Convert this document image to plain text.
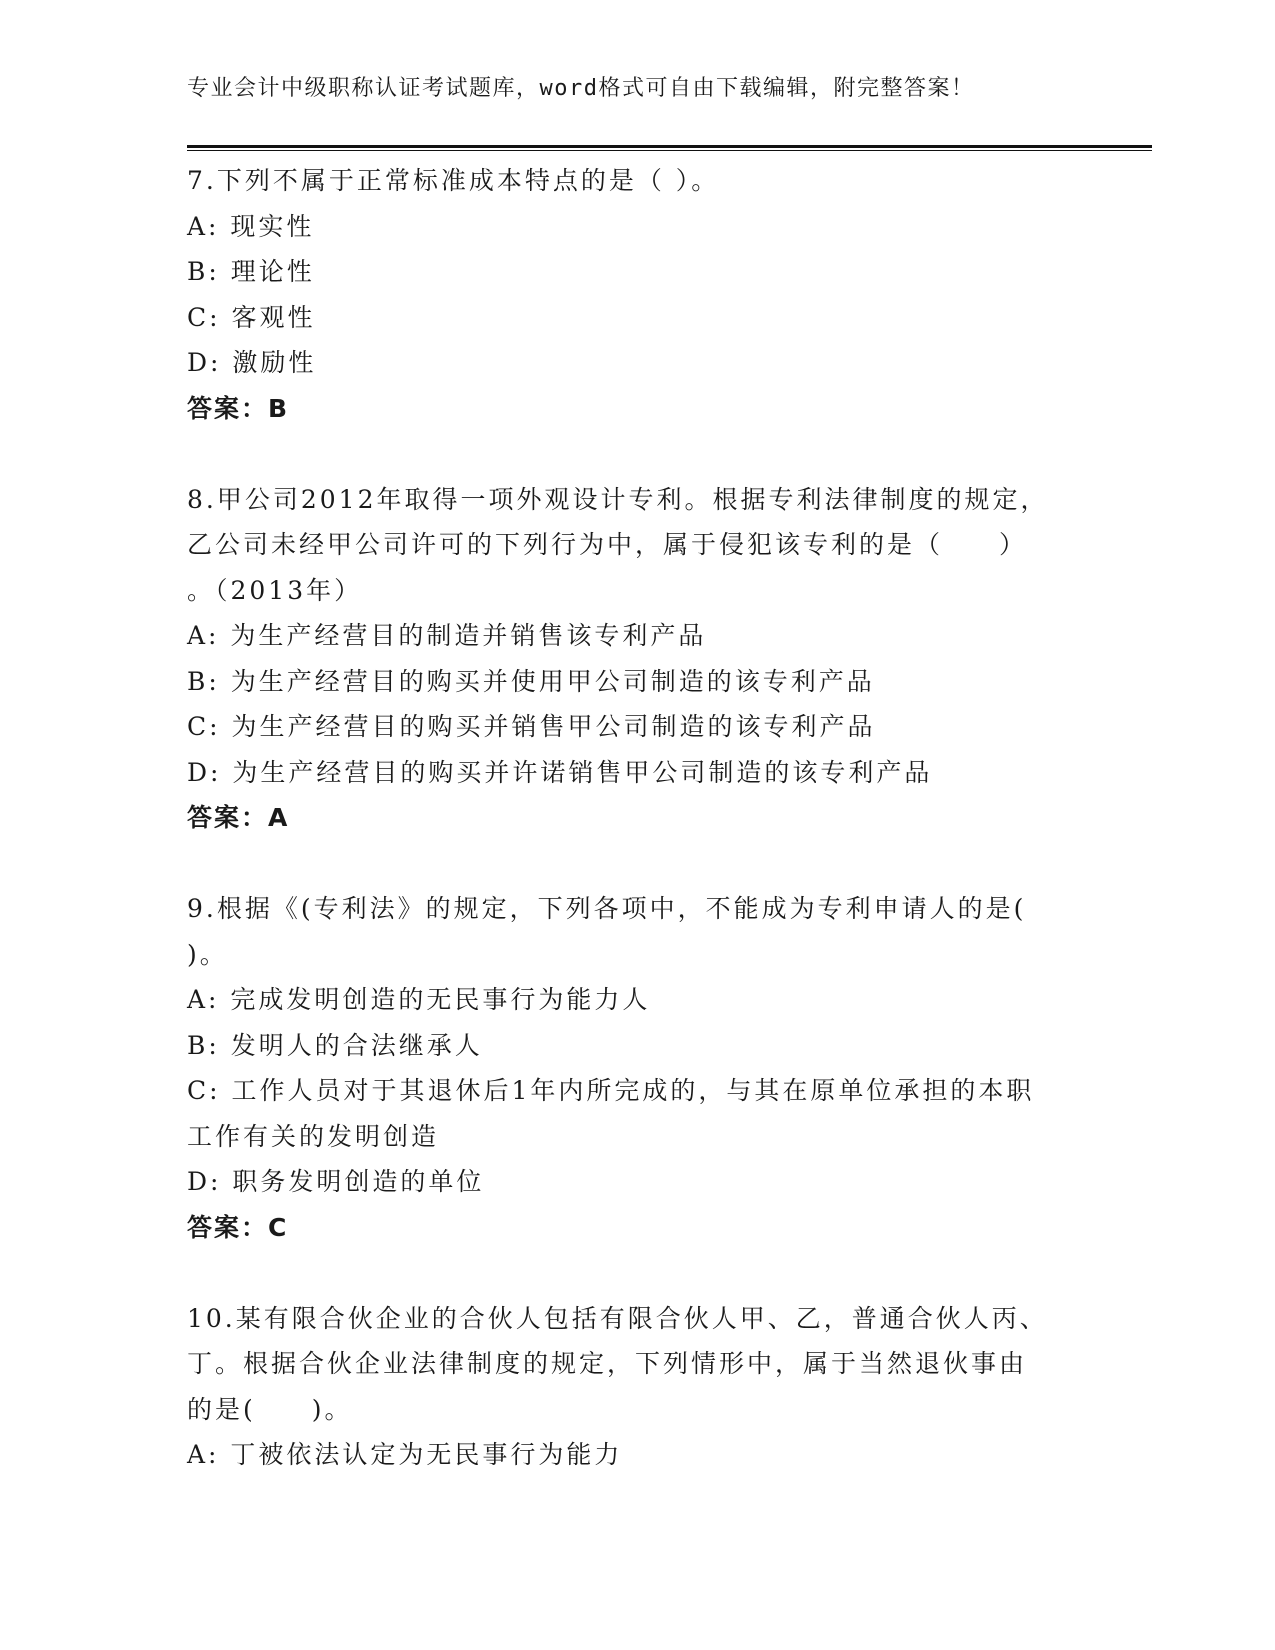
专业会计中级职称认证考试题库，word格式可自由下载编辑，附完整答案！
7.下列不属于正常标准成本特点的是（ ）。
A: 现实性
B: 理论性
C: 客观性
D: 激励性
答案：B
8.甲公司2012年取得一项外观设计专利。根据专利法律制度的规定，
乙公司未经甲公司许可的下列行为中，属于侵犯该专利的是（　　）
。（2013年）
A: 为生产经营目的制造并销售该专利产品
B: 为生产经营目的购买并使用甲公司制造的该专利产品
C: 为生产经营目的购买并销售甲公司制造的该专利产品
D: 为生产经营目的购买并许诺销售甲公司制造的该专利产品
答案：A
9.根据《(专利法》的规定，下列各项中，不能成为专利申请人的是(
)。
A: 完成发明创造的无民事行为能力人
B: 发明人的合法继承人
C: 工作人员对于其退休后1年内所完成的，与其在原单位承担的本职
工作有关的发明创造
D: 职务发明创造的单位
答案：C
10.某有限合伙企业的合伙人包括有限合伙人甲、乙，普通合伙人丙、
丁。根据合伙企业法律制度的规定，下列情形中，属于当然退伙事由
的是(　　)。
A: 丁被依法认定为无民事行为能力
